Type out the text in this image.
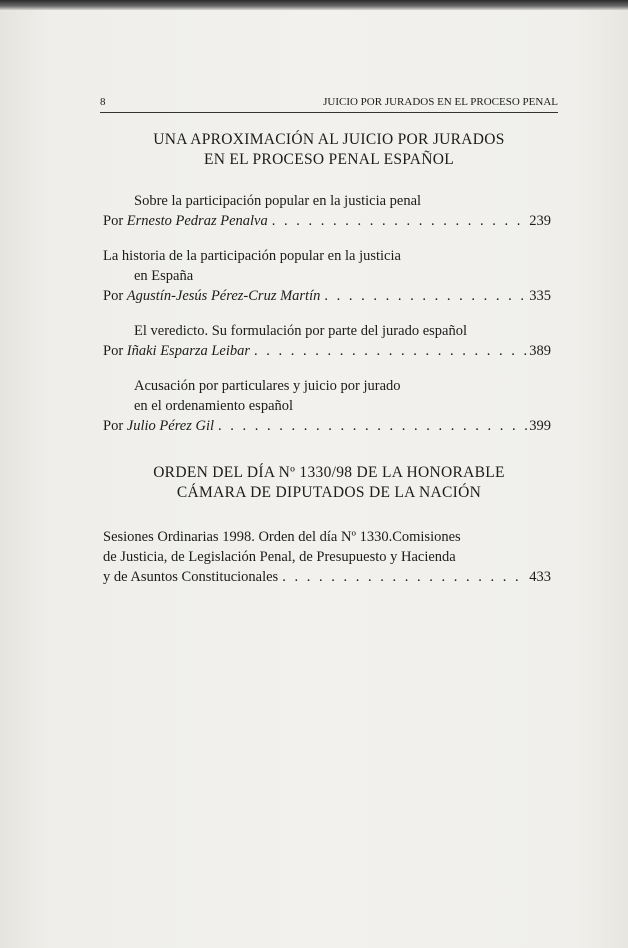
8	JUICIO POR JURADOS EN EL PROCESO PENAL
UNA APROXIMACIÓN AL JUICIO POR JURADOS
EN EL PROCESO PENAL ESPAÑOL
Sobre la participación popular en la justicia penal
Por
Ernesto Pedraz Penalva . . .	239
La historia de la participación popular en la justicia
en España
Por
Agustín-Jesús Pérez-Cruz Martín . . .	335
El veredicto. Su formulación por parte del jurado español
Por
Iñaki Esparza Leibar . . .	389
Acusación por particulares y juicio por jurado
en el ordenamiento español
Por
Julio Pérez Gil . . .	399
ORDEN DEL DÍA Nº 1330/98 DE LA HONORABLE
CÁMARA DE DIPUTADOS DE LA NACIÓN
Sesiones Ordinarias 1998. Orden del día Nº 1330.Comisiones
de Justicia, de Legislación Penal, de Presupuesto y Hacienda
y de Asuntos Constitucionales . . .	433
